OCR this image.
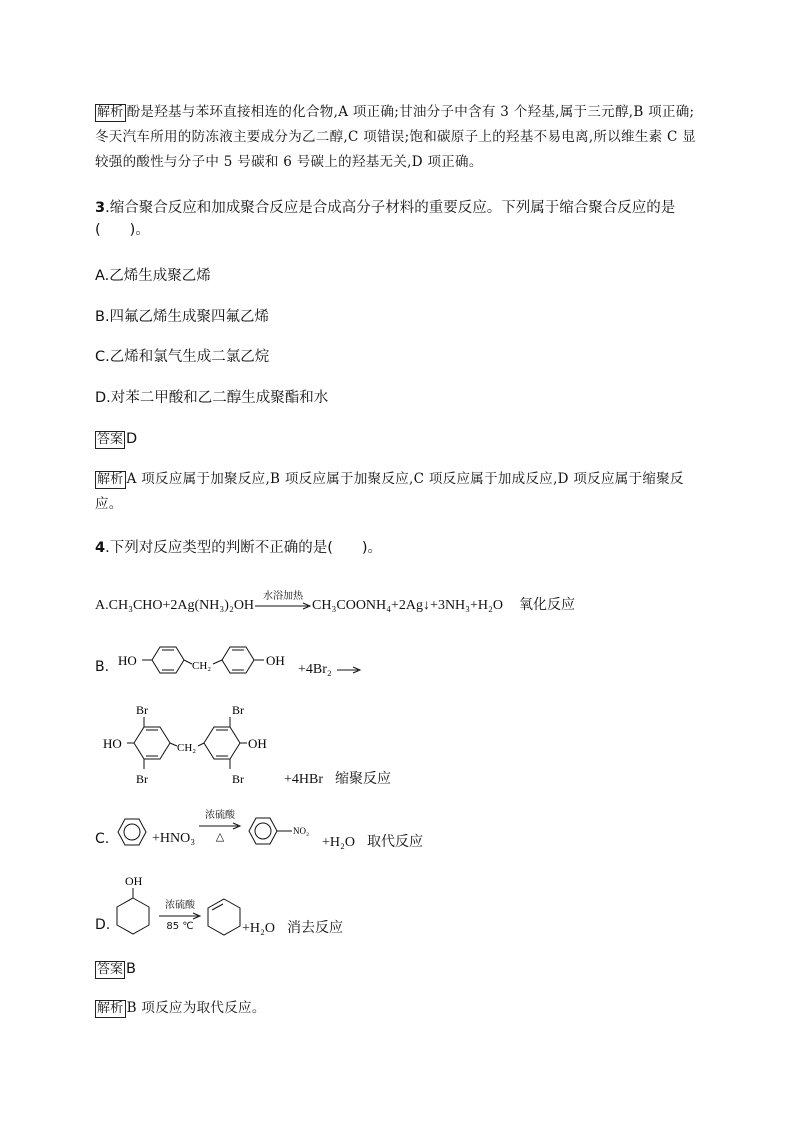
解析 酚是羟基与苯环直接相连的化合物,A 项正确;甘油分子中含有 3 个羟基,属于三元醇,B 项正确;冬天汽车所用的防冻液主要成分为乙二醇,C 项错误;饱和碳原子上的羟基不易电离,所以维生素 C 显较强的酸性与分子中 5 号碳和 6 号碳上的羟基无关,D 项正确。
3.缩合聚合反应和加成聚合反应是合成高分子材料的重要反应。下列属于缩合聚合反应的是
(　　)。
A.乙烯生成聚乙烯
B.四氟乙烯生成聚四氟乙烯
C.乙烯和氯气生成二氯乙烷
D.对苯二甲酸和乙二醇生成聚酯和水
答案 D
解析 A 项反应属于加聚反应,B 项反应属于加聚反应,C 项反应属于加成反应,D 项反应属于缩聚反应。
4.下列对反应类型的判断不正确的是(　　)。
A.CH₃CHO+2Ag(NH₃)₂OH
水浴加热
CH₃COONH₄+2Ag↓+3NH₃+H₂O 氧化反应
B. HO	CH₂	OH
+4Br₂
Br
HO
Br
CH₂
Br
Br
OH
+4HBr 缩聚反应
C.	+HNO₃
浓硫酸
△	NO₂
+H₂O 取代反应
D.
OH
浓硫酸
85 ℃	+H₂O 消去反应
答案 B
解析 B 项反应为取代反应。
